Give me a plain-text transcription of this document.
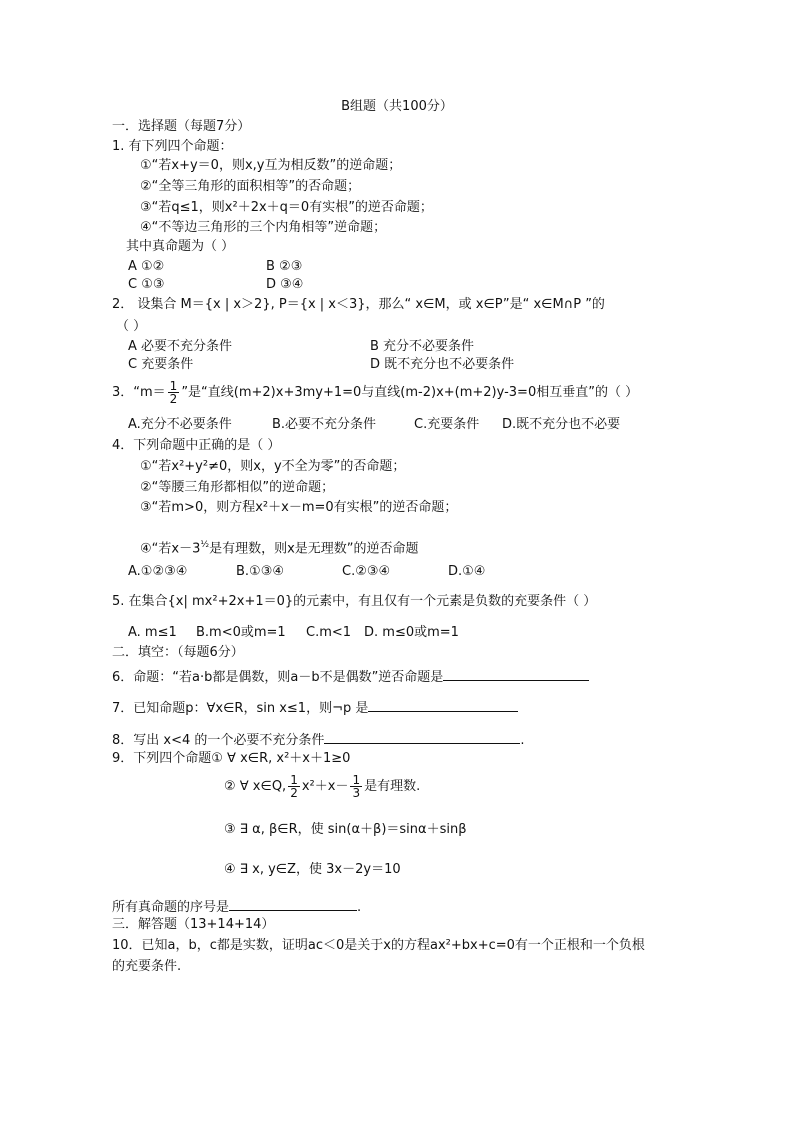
B组题（共100分）
一．选择题（每题7分）
1. 有下列四个命题：
①“若x+y＝0，则x,y互为相反数”的逆命题；
②“全等三角形的面积相等”的否命题；
③“若q≤1，则x²＋2x＋q＝0有实根”的逆否命题；
④“不等边三角形的三个内角相等”逆命题；
其中真命题为（ ）
A ①②	B ②③
C ①③	D ③④
2． 设集合 M＝{x | x＞2}, P＝{x | x＜3}，那么“ x∈M，或 x∈P”是“ x∈M∩P ”的
（ ）
A 必要不充分条件	B 充分不必要条件
C 充要条件	D 既不充分也不必要条件
3．“$m= \frac{1}{2}$ ”是“直线(m+2)x+3my+1=0与直线(m-2)x+(m+2)y-3=0相互垂直”的（ ）
A.充分不必要条件	B.必要不充分条件	C.充要条件 D.既不充分也不必要
4．下列命题中正确的是（ ）
①“若x²+y²≠0，则x，y不全为零”的否命题；
②“等腰三角形都相似”的逆命题；
③“若m>0，则方程x²＋x－m=0有实根”的逆否命题；
④“若$x-3^{\frac{1}{2}}$是有理数，则x是无理数”的逆否命题
A.①②③④	B.①③④	C.②③④	D.①④
5. 在集合{x| mx²+2x+1＝0}的元素中，有且仅有一个元素是负数的充要条件（ ）
A. m≤1 B.m<0或m=1 C.m<1 D. m≤0或m=1
二．填空：（每题6分）
6．命题：“若a·b都是偶数，则a－b不是偶数”逆否命题是
7．已知命题p：∀x∈R，sin x≤1，则¬p 是
8．写出 x<4 的一个必要不充分条件	.
9．下列四个命题① ∀ x∈R, x²＋x＋1≥0
② ∀ x∈Q, $\frac{1}{2} x^2+x- \frac{1}{3}$ 是有理数.
③ ∃ α, β∈R，使 sin(α＋β)＝sinα＋sinβ
④ ∃ x, y∈Z，使 3x－2y＝10
所有真命题的序号是	.
三．解答题（13+14+14）
10．已知a，b，c都是实数，证明ac＜0是关于x的方程ax²+bx+c=0有一个正根和一个负根
的充要条件.
